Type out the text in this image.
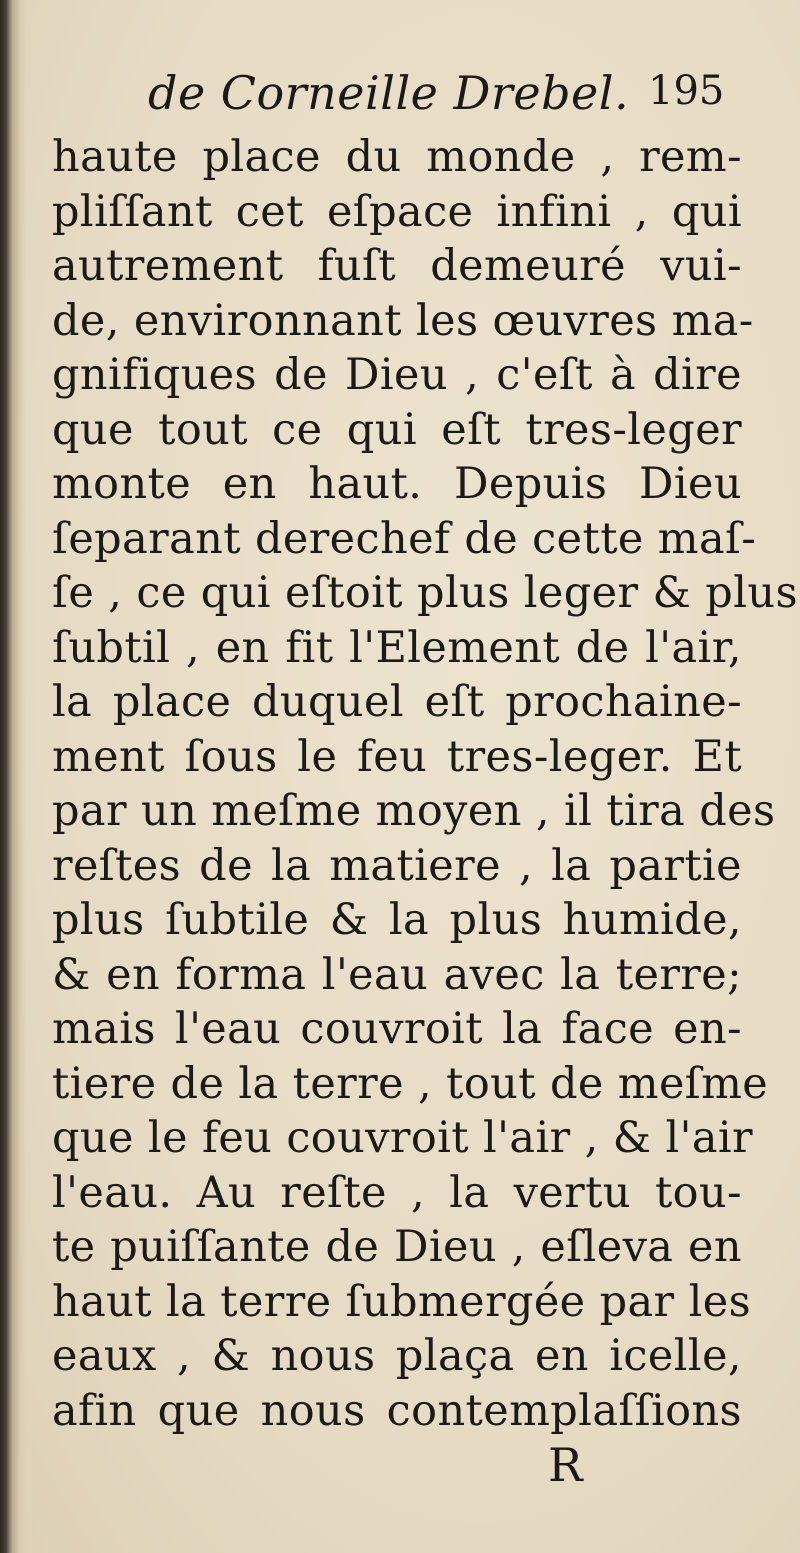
de Corneille Drebel. 195
haute place du monde , rem-
pliſſant cet eſpace infini , qui
autrement fuſt demeuré vui-
de, environnant les œuvres ma-
gnifiques de Dieu , c'eſt à dire
que tout ce qui eſt tres-leger
monte en haut. Depuis Dieu
ſeparant derechef de cette maſ-
ſe , ce qui eſtoit plus leger & plus
ſubtil , en fit l'Element de l'air,
la place duquel eſt prochaine-
ment ſous le feu tres-leger. Et
par un meſme moyen , il tira des
reſtes de la matiere , la partie
plus ſubtile & la plus humide,
& en forma l'eau avec la terre;
mais l'eau couvroit la face en-
tiere de la terre , tout de meſme
que le feu couvroit l'air , & l'air
l'eau. Au reſte , la vertu tou-
te puiſſante de Dieu , eſleva en
haut la terre ſubmergée par les
eaux , & nous plaça en icelle,
afin que nous contemplaſſions
R
